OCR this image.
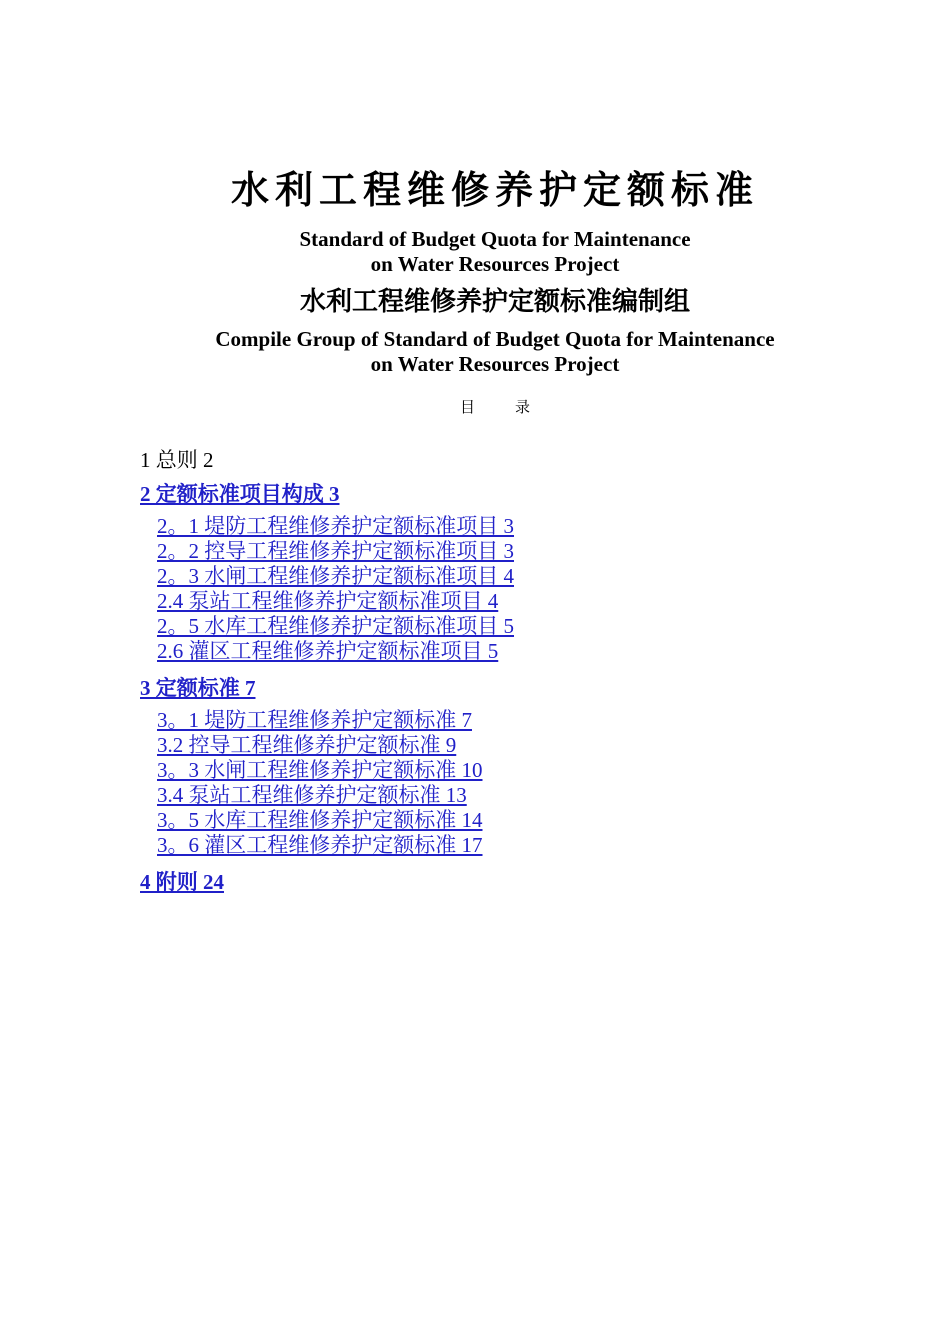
水利工程维修养护定额标准
Standard of Budget Quota for Maintenance
on Water Resources Project
水利工程维修养护定额标准编制组
Compile Group of Standard of Budget Quota for Maintenance
on Water Resources Project
目	录

1 总则 2

2 定额标准项目构成 3

2。1 堤防工程维修养护定额标准项目 3

2。2 控导工程维修养护定额标准项目 3

2。3 水闸工程维修养护定额标准项目 4

2.4 泵站工程维修养护定额标准项目 4

2。5 水库工程维修养护定额标准项目 5

2.6 灌区工程维修养护定额标准项目 5

3 定额标准 7

3。1 堤防工程维修养护定额标准 7

3.2 控导工程维修养护定额标准 9

3。3 水闸工程维修养护定额标准 10

3.4 泵站工程维修养护定额标准 13

3。5 水库工程维修养护定额标准 14

3。6 灌区工程维修养护定额标准 17

4 附则 24
